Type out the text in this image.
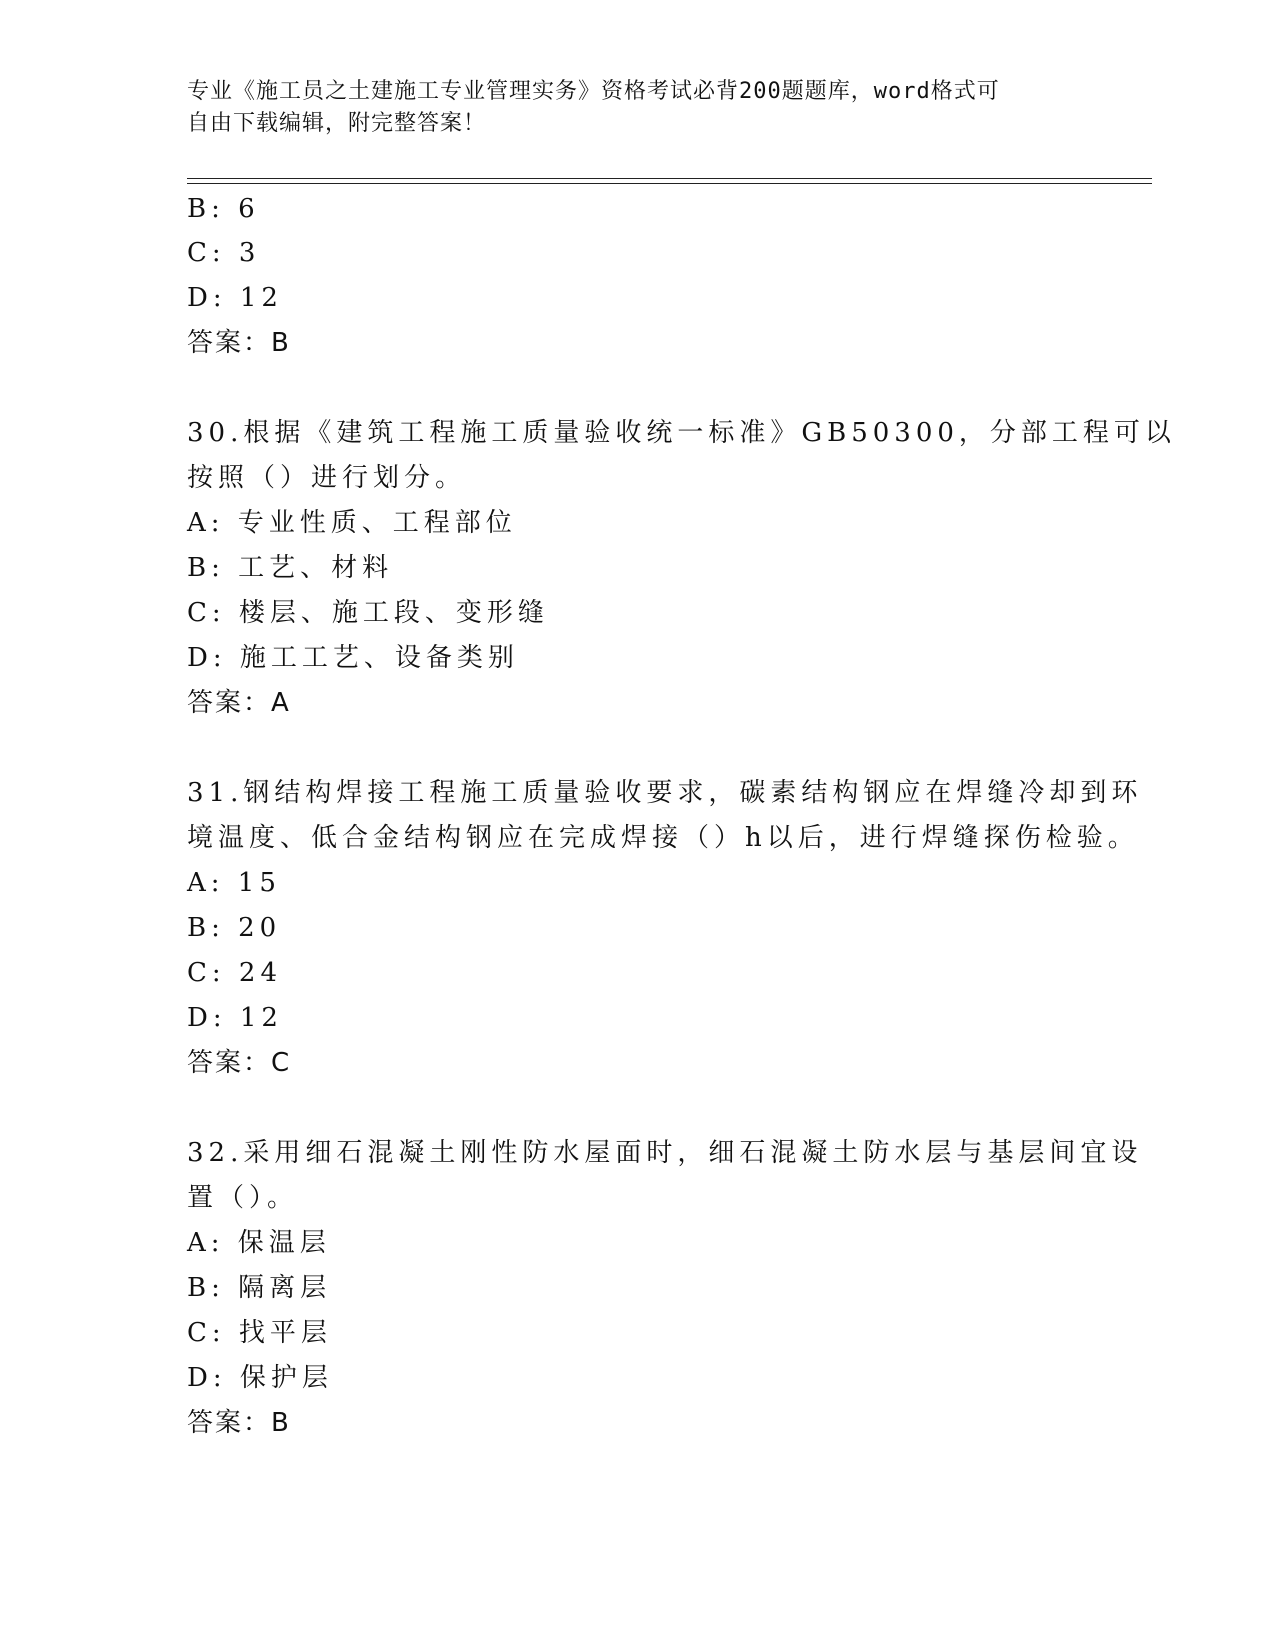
专业《施工员之土建施工专业管理实务》资格考试必背200题题库，word格式可
自由下载编辑，附完整答案！
B: 6
C: 3
D: 12
答案：B
30.根据《建筑工程施工质量验收统一标准》GB50300，分部工程可以
按照（）进行划分。
A: 专业性质、工程部位
B: 工艺、材料
C: 楼层、施工段、变形缝
D: 施工工艺、设备类别
答案：A
31.钢结构焊接工程施工质量验收要求，碳素结构钢应在焊缝冷却到环
境温度、低合金结构钢应在完成焊接（）h以后，进行焊缝探伤检验。
A: 15
B: 20
C: 24
D: 12
答案：C
32.采用细石混凝土刚性防水屋面时，细石混凝土防水层与基层间宜设
置（）。
A: 保温层
B: 隔离层
C: 找平层
D: 保护层
答案：B
